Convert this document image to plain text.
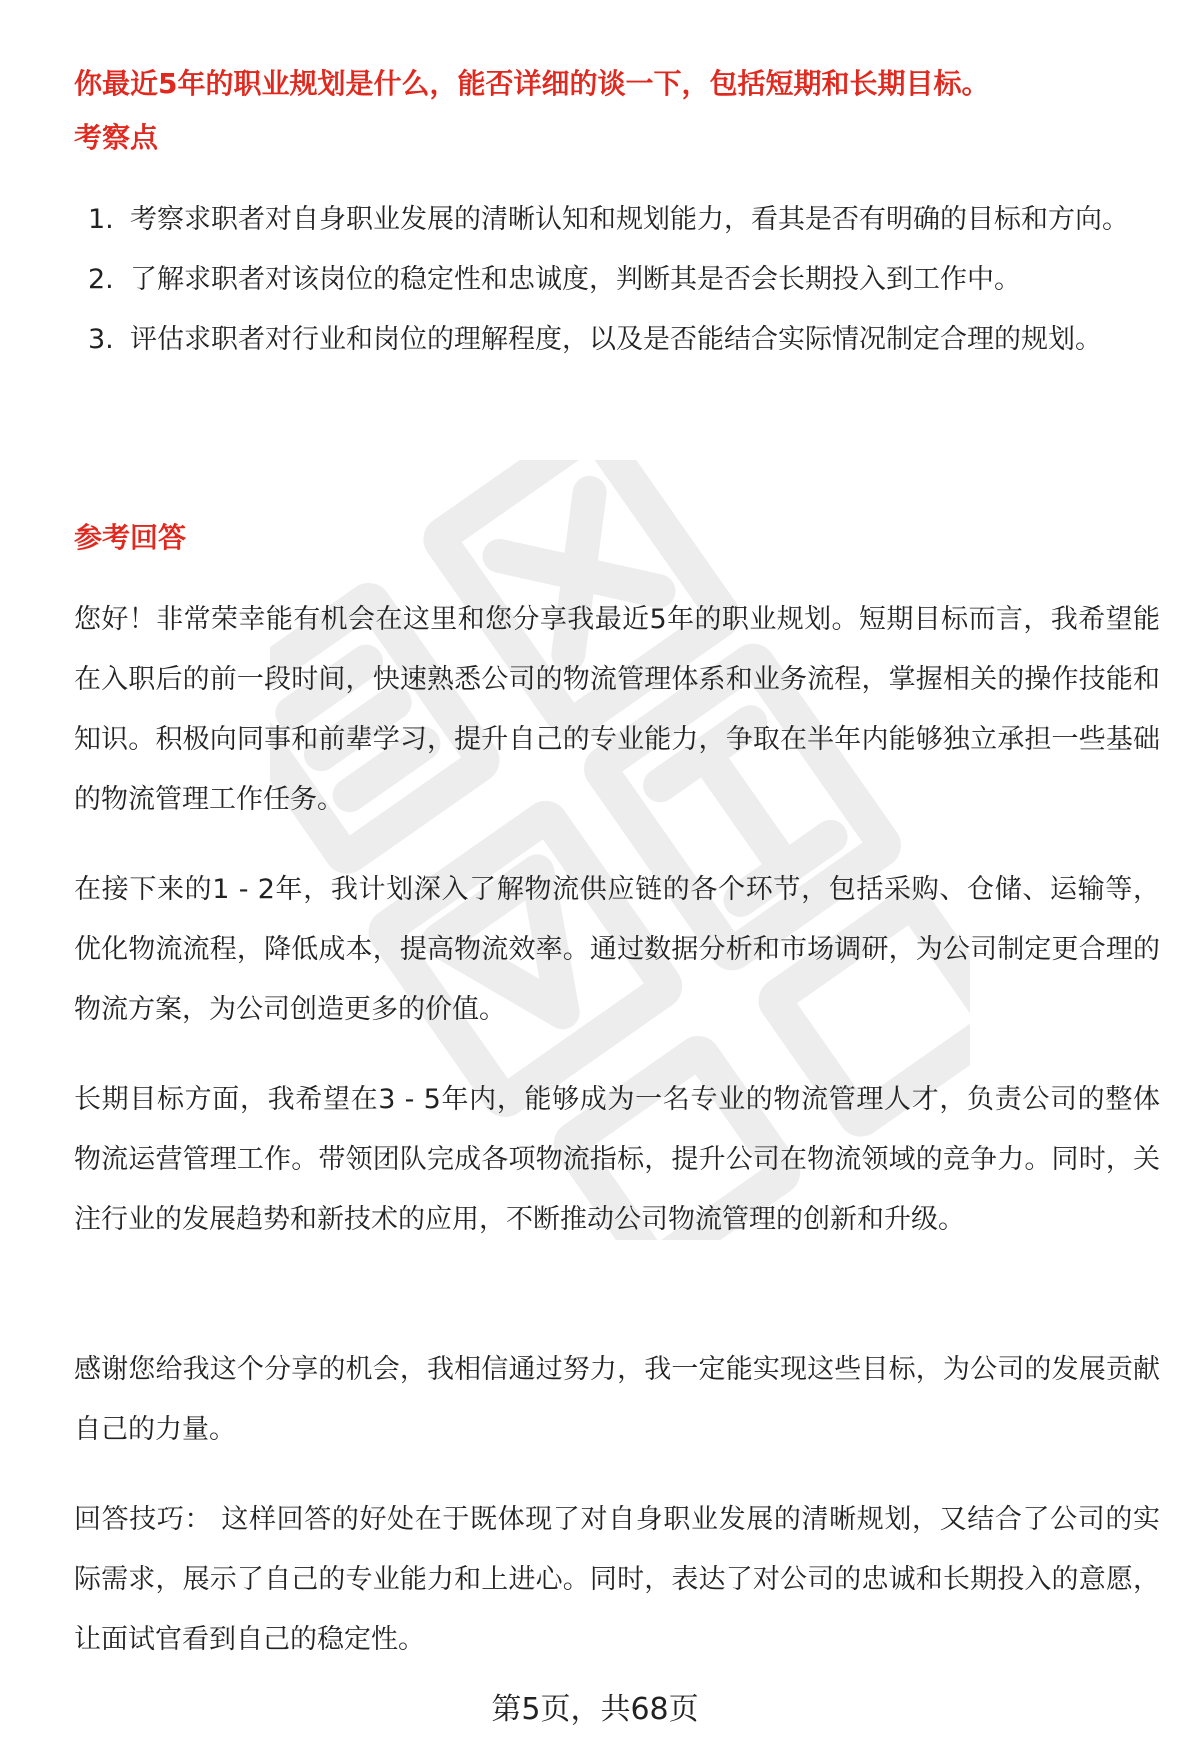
你最近5年的职业规划是什么，能否详细的谈一下，包括短期和长期目标。
考察点
1. 考察求职者对自身职业发展的清晰认知和规划能力，看其是否有明确的目标和方向。
2. 了解求职者对该岗位的稳定性和忠诚度，判断其是否会长期投入到工作中。
3. 评估求职者对行业和岗位的理解程度，以及是否能结合实际情况制定合理的规划。
参考回答

您好！非常荣幸能有机会在这里和您分享我最近5年的职业规划。短期目标而言，我希望能在入职后的前一段时间，快速熟悉公司的物流管理体系和业务流程，掌握相关的操作技能和知识。积极向同事和前辈学习，提升自己的专业能力，争取在半年内能够独立承担一些基础的物流管理工作任务。

在接下来的1 - 2年，我计划深入了解物流供应链的各个环节，包括采购、仓储、运输等，优化物流流程，降低成本，提高物流效率。通过数据分析和市场调研，为公司制定更合理的物流方案，为公司创造更多的价值。

长期目标方面，我希望在3 - 5年内，能够成为一名专业的物流管理人才，负责公司的整体物流运营管理工作。带领团队完成各项物流指标，提升公司在物流领域的竞争力。同时，关注行业的发展趋势和新技术的应用，不断推动公司物流管理的创新和升级。

感谢您给我这个分享的机会，我相信通过努力，我一定能实现这些目标，为公司的发展贡献自己的力量。

回答技巧： 这样回答的好处在于既体现了对自身职业发展的清晰规划，又结合了公司的实际需求，展示了自己的专业能力和上进心。同时，表达了对公司的忠诚和长期投入的意愿，让面试官看到自己的稳定性。

第5页，共68页
